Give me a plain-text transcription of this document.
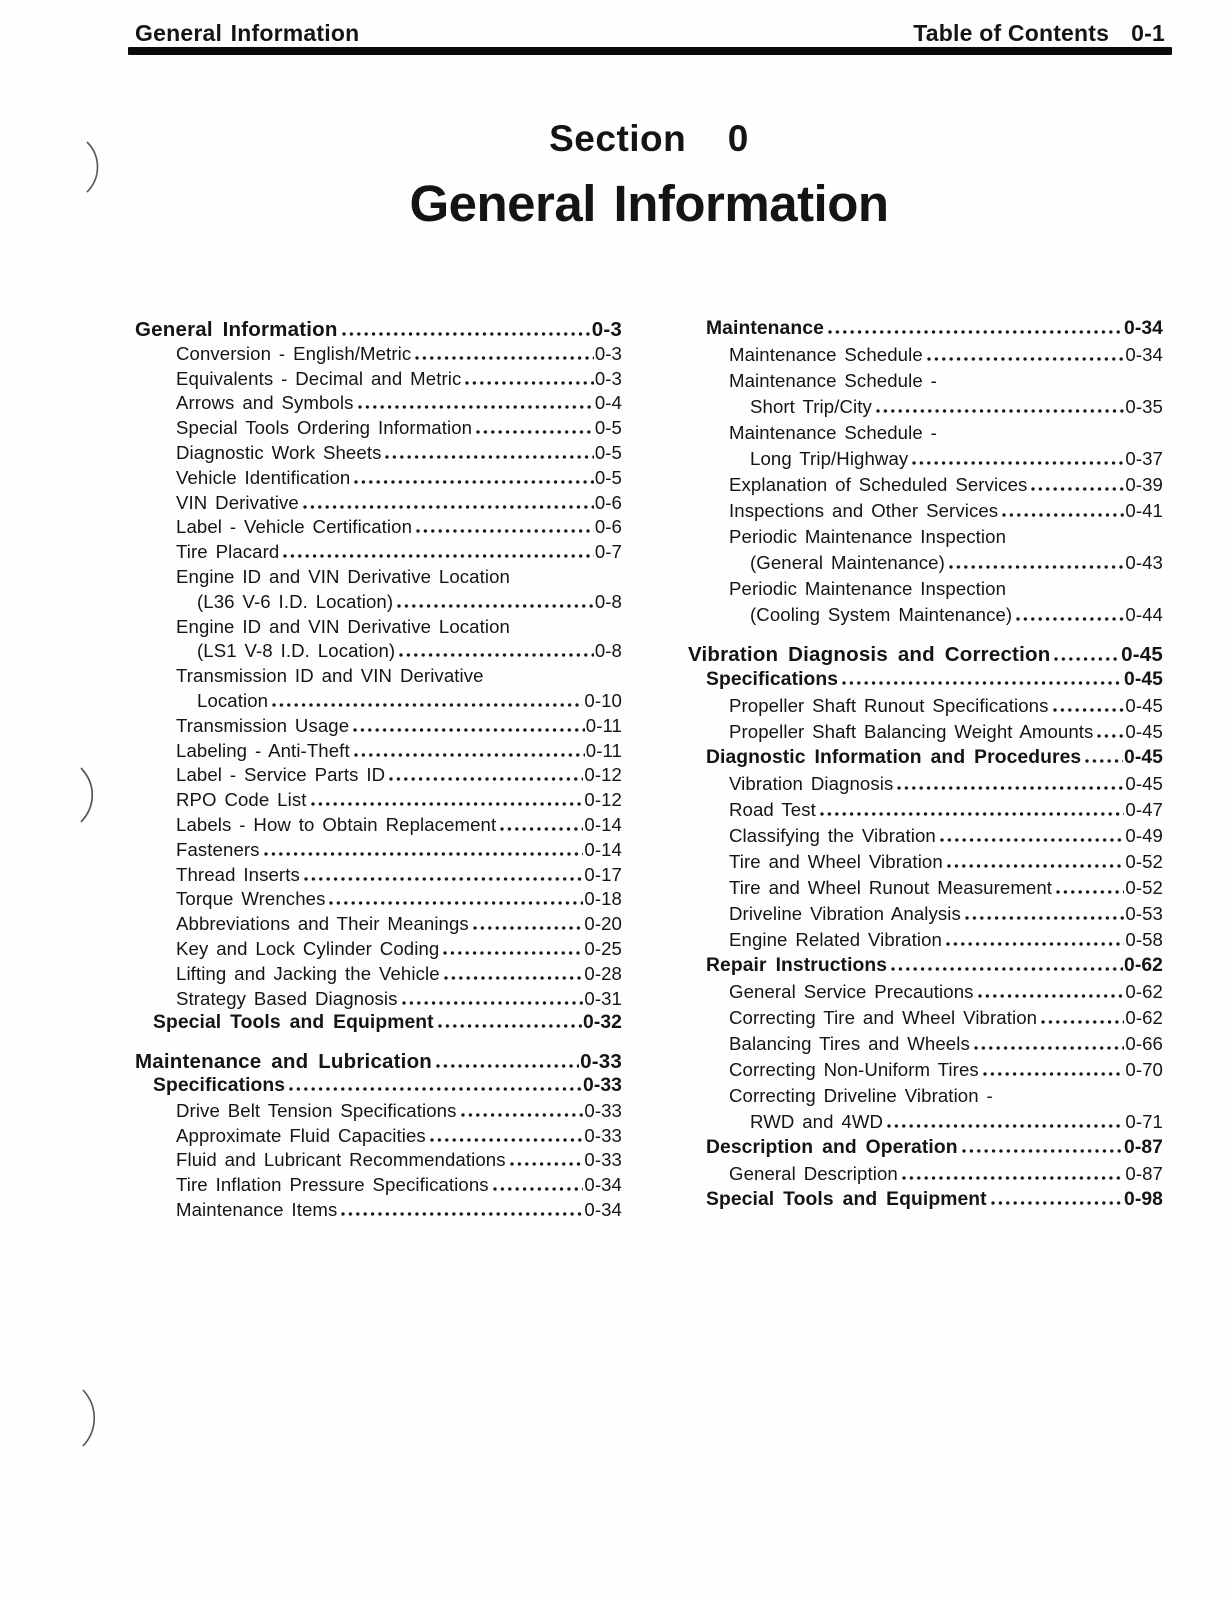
General Information	Table of Contents 0-1
Section  0
General Information
General Information	0-3
Conversion - English/Metric	0-3
Equivalents - Decimal and Metric	0-3
Arrows and Symbols	0-4
Special Tools Ordering Information	0-5
Diagnostic Work Sheets	0-5
Vehicle Identification	0-5
VIN Derivative	0-6
Label - Vehicle Certification	0-6
Tire Placard	0-7
Engine ID and VIN Derivative Location
(L36 V-6 I.D. Location)	0-8
Engine ID and VIN Derivative Location
(LS1 V-8 I.D. Location)	0-8
Transmission ID and VIN Derivative
Location	0-10
Transmission Usage	0-11
Labeling - Anti-Theft	0-11
Label - Service Parts ID	0-12
RPO Code List	0-12
Labels - How to Obtain Replacement	0-14
Fasteners	0-14
Thread Inserts	0-17
Torque Wrenches	0-18
Abbreviations and Their Meanings	0-20
Key and Lock Cylinder Coding	0-25
Lifting and Jacking the Vehicle	0-28
Strategy Based Diagnosis	0-31
Special Tools and Equipment	0-32
Maintenance and Lubrication	0-33
Specifications	0-33
Drive Belt Tension Specifications	0-33
Approximate Fluid Capacities	0-33
Fluid and Lubricant Recommendations	0-33
Tire Inflation Pressure Specifications	0-34
Maintenance Items	0-34
Maintenance	0-34
Maintenance Schedule	0-34
Maintenance Schedule -
Short Trip/City	0-35
Maintenance Schedule -
Long Trip/Highway	0-37
Explanation of Scheduled Services	0-39
Inspections and Other Services	0-41
Periodic Maintenance Inspection
(General Maintenance)	0-43
Periodic Maintenance Inspection
(Cooling System Maintenance)	0-44
Vibration Diagnosis and Correction	0-45
Specifications	0-45
Propeller Shaft Runout Specifications	0-45
Propeller Shaft Balancing Weight Amounts 0-45
Diagnostic Information and Procedures 0-45
Vibration Diagnosis	0-45
Road Test	0-47
Classifying the Vibration	0-49
Tire and Wheel Vibration	0-52
Tire and Wheel Runout Measurement	0-52
Driveline Vibration Analysis	0-53
Engine Related Vibration	0-58
Repair Instructions	0-62
General Service Precautions	0-62
Correcting Tire and Wheel Vibration	0-62
Balancing Tires and Wheels	0-66
Correcting Non-Uniform Tires	0-70
Correcting Driveline Vibration -
RWD and 4WD	0-71
Description and Operation	0-87
General Description	0-87
Special Tools and Equipment	0-98
